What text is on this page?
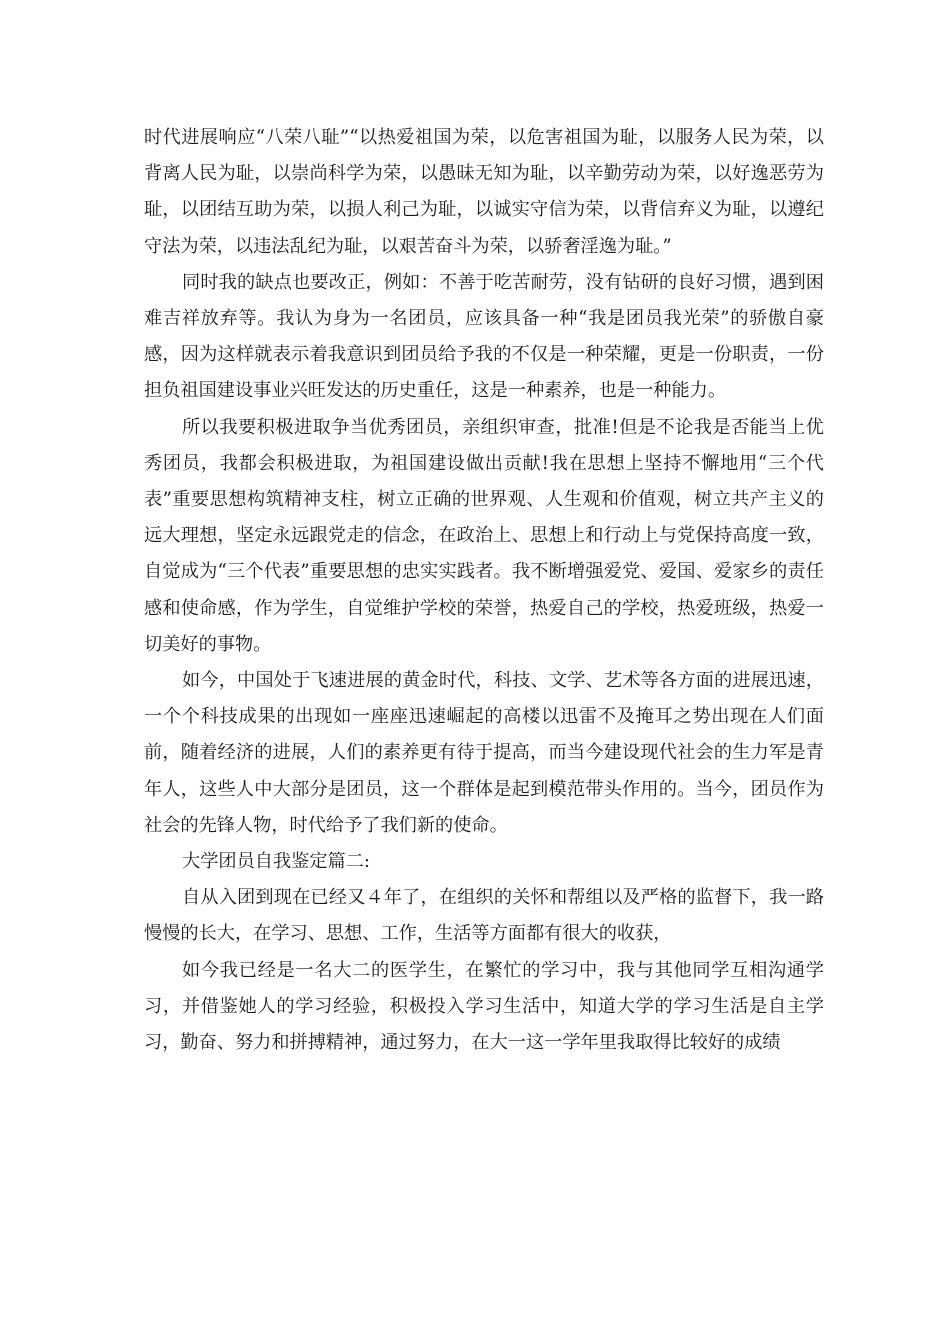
时代进展响应“八荣八耻”“以热爱祖国为荣，以危害祖国为耻，以服务人民为荣，以背离人民为耻，以崇尚科学为荣，以愚昧无知为耻，以辛勤劳动为荣，以好逸恶劳为耻，以团结互助为荣，以损人利己为耻，以诚实守信为荣，以背信弃义为耻，以遵纪守法为荣，以违法乱纪为耻，以艰苦奋斗为荣，以骄奢淫逸为耻。”

同时我的缺点也要改正，例如：不善于吃苦耐劳，没有钻研的良好习惯，遇到困难吉祥放弃等。我认为身为一名团员，应该具备一种“我是团员我光荣”的骄傲自豪感，因为这样就表示着我意识到团员给予我的不仅是一种荣耀，更是一份职责，一份担负祖国建设事业兴旺发达的历史重任，这是一种素养，也是一种能力。

所以我要积极进取争当优秀团员，亲组织审查，批准!但是不论我是否能当上优秀团员，我都会积极进取，为祖国建设做出贡献!我在思想上坚持不懈地用“三个代表”重要思想构筑精神支柱，树立正确的世界观、人生观和价值观，树立共产主义的远大理想，坚定永远跟党走的信念，在政治上、思想上和行动上与党保持高度一致，自觉成为“三个代表”重要思想的忠实实践者。我不断增强爱党、爱国、爱家乡的责任感和使命感，作为学生，自觉维护学校的荣誉，热爱自己的学校，热爱班级，热爱一切美好的事物。

如今，中国处于飞速进展的黄金时代，科技、文学、艺术等各方面的进展迅速，一个个科技成果的出现如一座座迅速崛起的高楼以迅雷不及掩耳之势出现在人们面前，随着经济的进展，人们的素养更有待于提高，而当今建设现代社会的生力军是青年人，这些人中大部分是团员，这一个群体是起到模范带头作用的。当今，团员作为社会的先锋人物，时代给予了我们新的使命。

大学团员自我鉴定篇二:

自从入团到现在已经又４年了，在组织的关怀和帮组以及严格的监督下，我一路慢慢的长大，在学习、思想、工作，生活等方面都有很大的收获，

如今我已经是一名大二的医学生，在繁忙的学习中，我与其他同学互相沟通学习，并借鉴她人的学习经验，积极投入学习生活中，知道大学的学习生活是自主学习，勤奋、努力和拼搏精神，通过努力，在大一这一学年里我取得比较好的成绩
